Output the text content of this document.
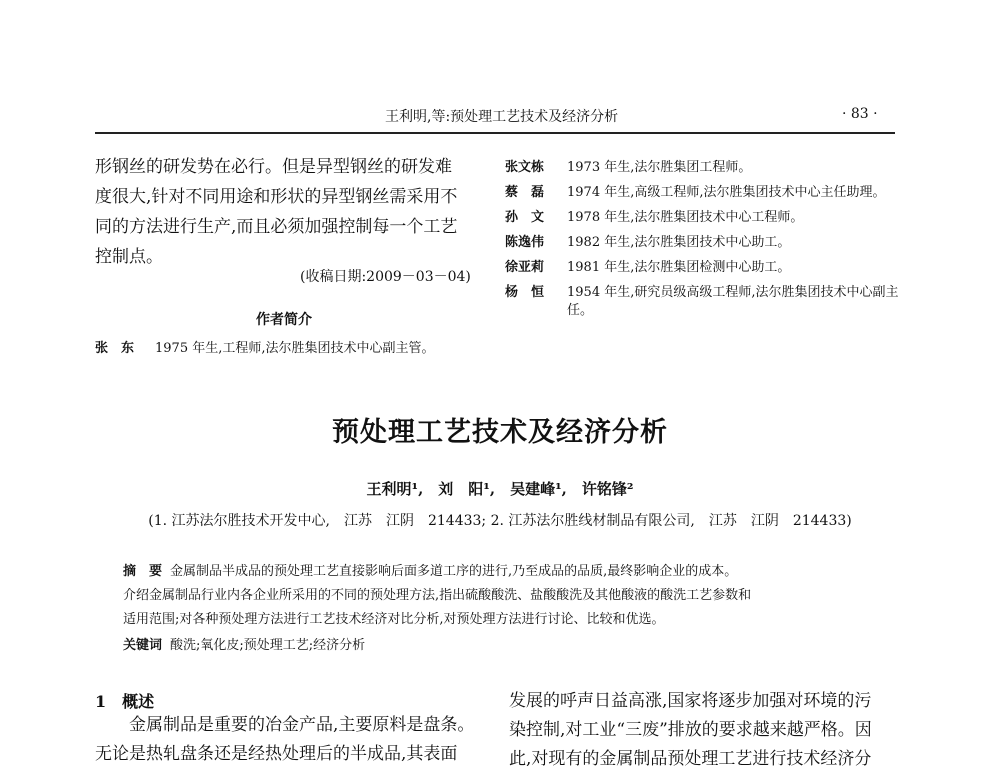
王利明,等:预处理工艺技术及经济分析	· 83 ·

形钢丝的研发势在必行。但是异型钢丝的研发难

度很大,针对不同用途和形状的异型钢丝需采用不

同的方法进行生产,而且必须加强控制每一个工艺

控制点。

(收稿日期:2009－03－04)
作者简介
张　东 1975 年生,工程师,法尔胜集团技术中心副主管。
张文栋	1973 年生,法尔胜集团工程师。
蔡　磊	1974 年生,高级工程师,法尔胜集团技术中心主任助理。
孙　文	1978 年生,法尔胜集团技术中心工程师。
陈逸伟	1982 年生,法尔胜集团技术中心助工。
徐亚莉	1981 年生,法尔胜集团检测中心助工。
杨　恒	1954 年生,研究员级高级工程师,法尔胜集团技术中心副主任。
预处理工艺技术及经济分析
王利明¹,　刘　阳¹,　吴建峰¹,　许铭锋²
(1. 江苏法尔胜技术开发中心,　江苏　江阴　214433; 2. 江苏法尔胜线材制品有限公司,　江苏　江阴　214433)
摘　要 金属制品半成品的预处理工艺直接影响后面多道工序的进行,乃至成品的品质,最终影响企业的成本。
介绍金属制品行业内各企业所采用的不同的预处理方法,指出硫酸酸洗、盐酸酸洗及其他酸液的酸洗工艺参数和
适用范围;对各种预处理方法进行工艺技术经济对比分析,对预处理方法进行讨论、比较和优选。
关键词 酸洗;氧化皮;预处理工艺;经济分析
1　概述

　　金属制品是重要的冶金产品,主要原料是盘条。

无论是热轧盘条还是经热处理后的半成品,其表面

发展的呼声日益高涨,国家将逐步加强对环境的污

染控制,对工业“三废”排放的要求越来越严格。因

此,对现有的金属制品预处理工艺进行技术经济分
